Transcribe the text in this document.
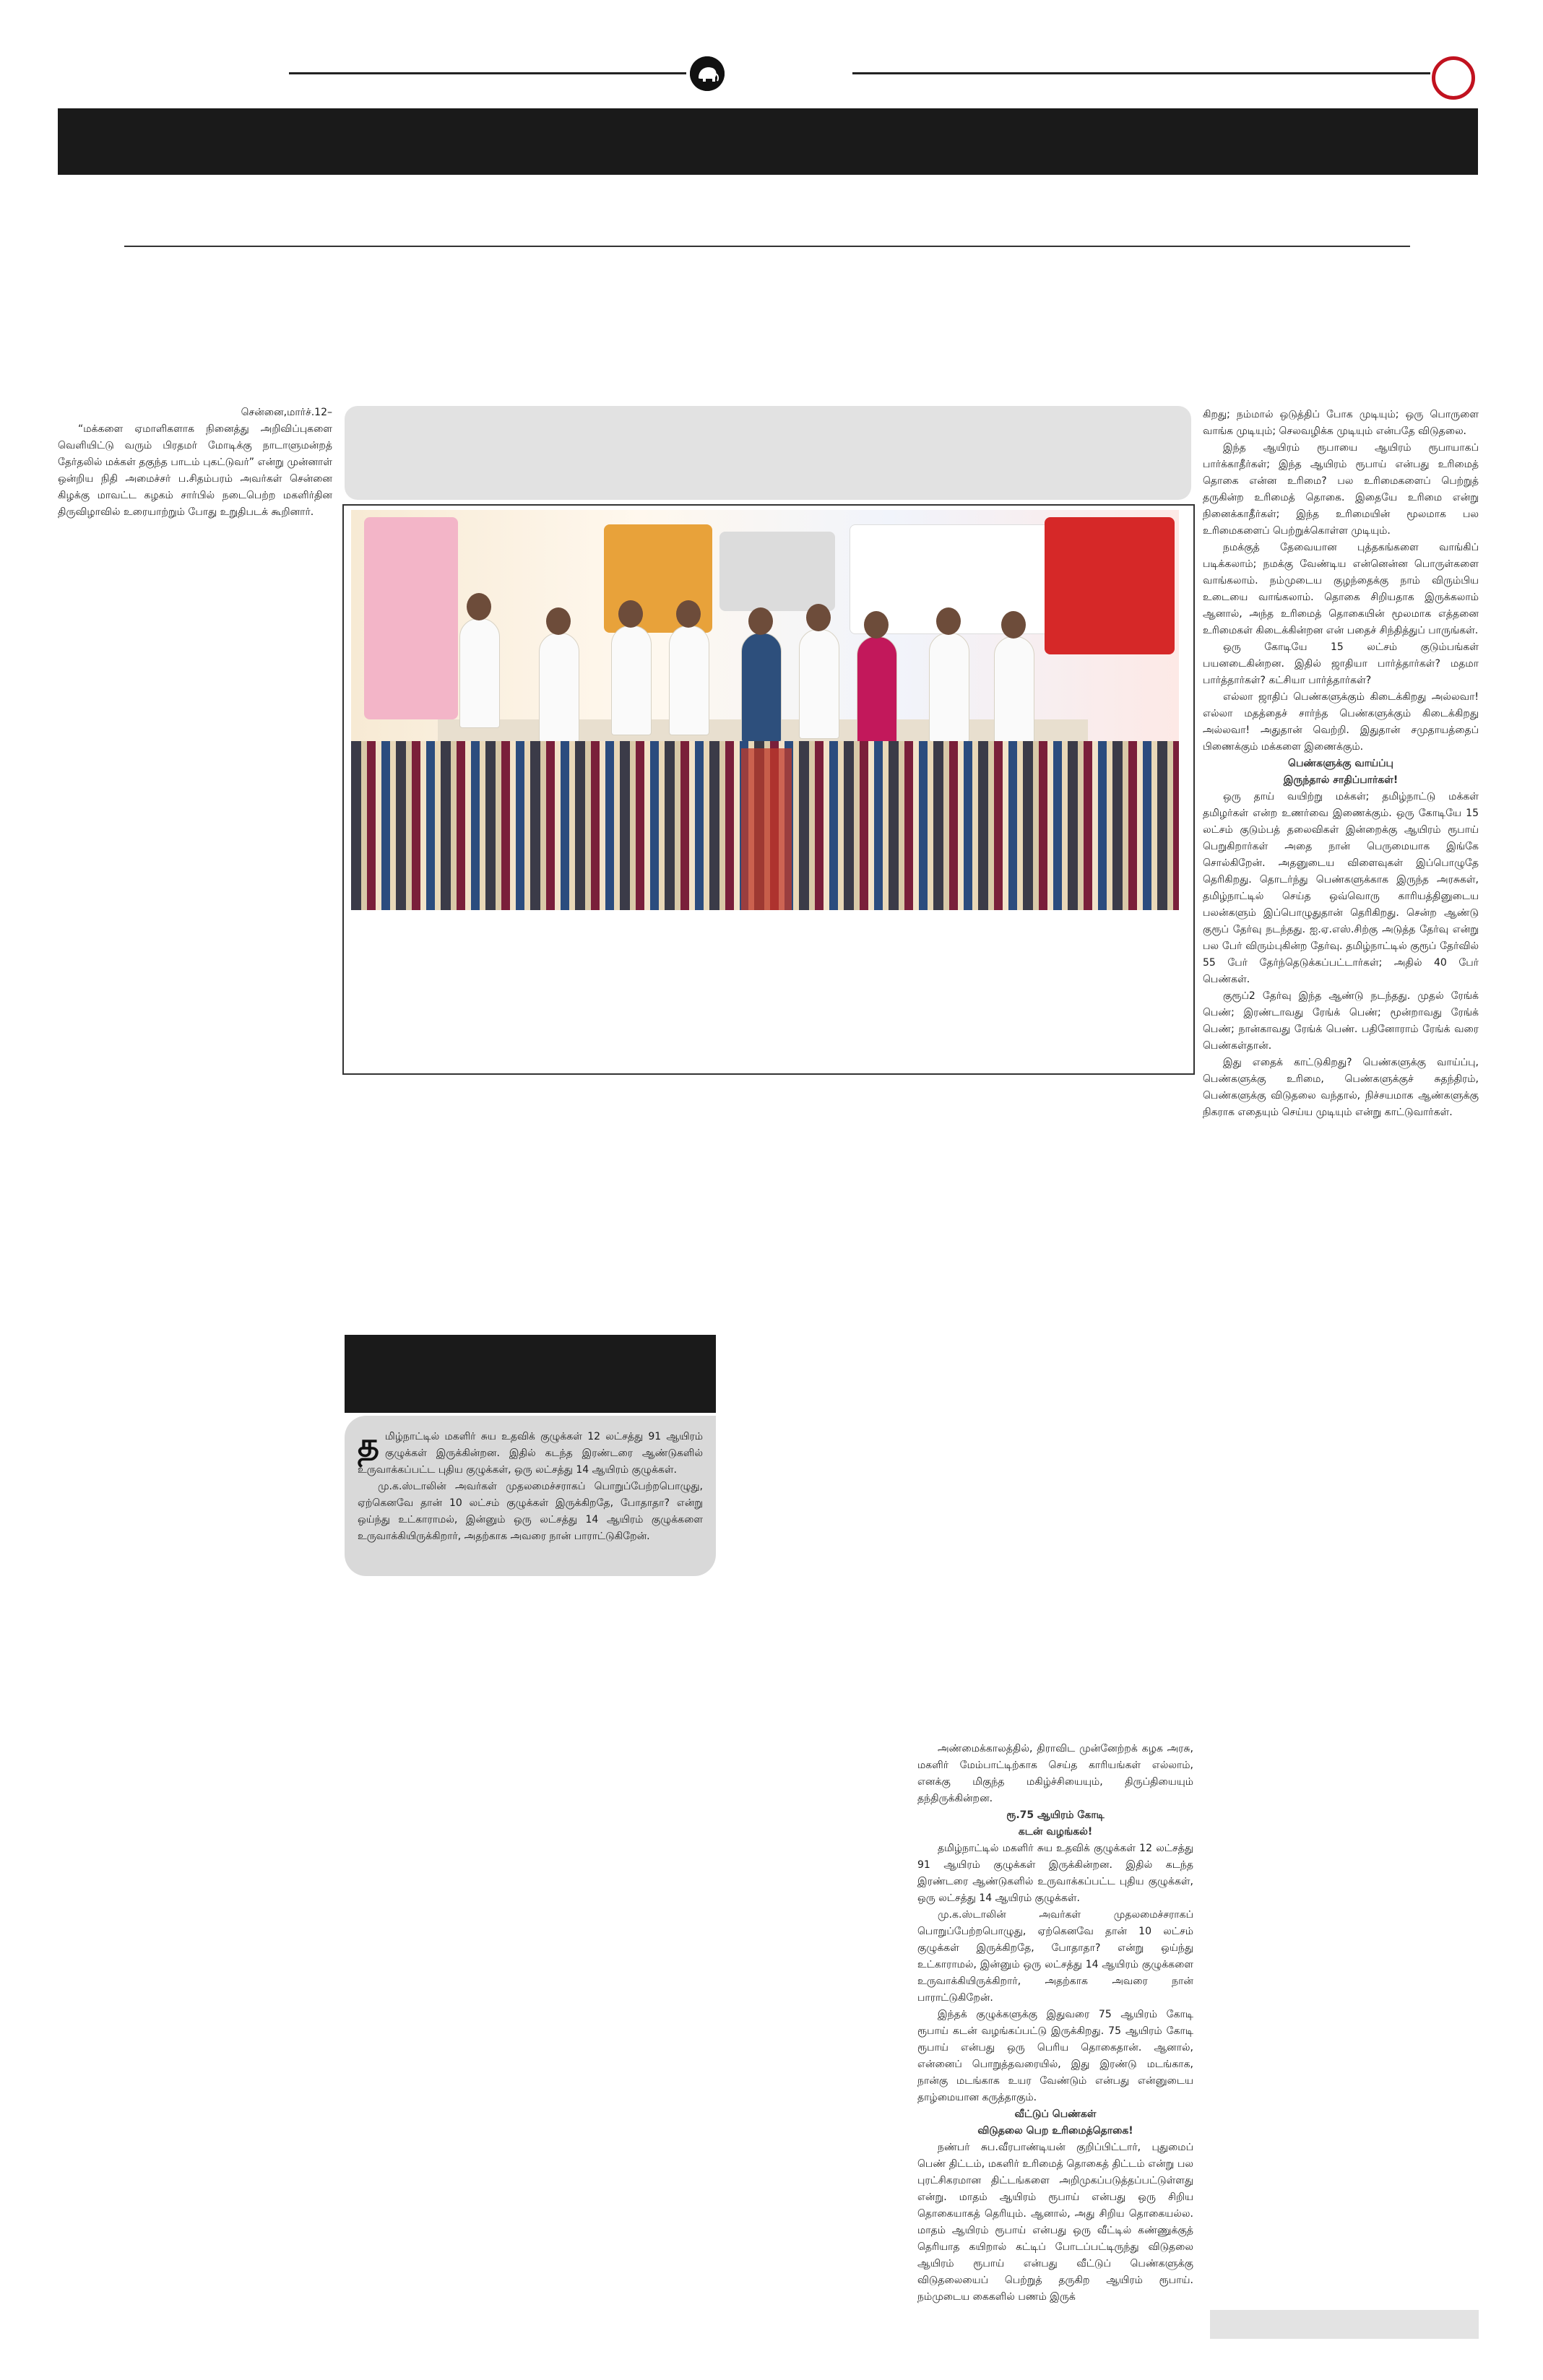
சென்னை,மார்ச்.12–

“மக்களை ஏமாளிகளாக நினைத்து அறிவிப்புகளை வெளியிட்டு வரும் பிரதமர் மோடிக்கு நாடாளுமன்றத் தேர்தலில் மக்கள் தகுந்த பாடம் புகட்டுவர்” என்று முன்னாள் ஒன்றிய நிதி அமைச்சர் ப.சிதம்பரம் அவர்கள் சென்னை கிழக்கு மாவட்ட கழகம் சார்பில் நடைபெற்ற மகளிர்தின திருவிழாவில் உரையாற்றும் போது உறுதிபடக் கூறினார்.

கிறது; நம்மால் ஒடுத்திப் போக முடியும்; ஒரு பொருளை வாங்க முடியும்; செலவழிக்க முடியும் என்பதே விடுதலை.

இந்த ஆயிரம் ரூபாயை ஆயிரம் ரூபாயாகப் பார்க்காதீர்கள்; இந்த ஆயிரம் ரூபாய் என்பது உரிமைத் தொகை என்ன உரிமை? பல உரிமைகளைப் பெற்றுத் தருகின்ற உரிமைத் தொகை. இதையே உரிமை என்று நினைக்காதீர்கள்; இந்த உரிமையின் மூலமாக பல உரிமைகளைப் பெற்றுக்கொள்ள முடியும்.

நமக்குத் தேவையான புத்தகங்களை வாங்கிப் படிக்கலாம்; நமக்கு வேண்டிய என்னென்ன பொருள்களை வாங்கலாம். நம்முடைய குழந்தைக்கு நாம் விரும்பிய உடையை வாங்கலாம். தொகை சிறியதாக இருக்கலாம் ஆனால், அந்த உரிமைத் தொகையின் மூலமாக எத்தனை உரிமைகள் கிடைக்கின்றன என் பதைச் சிந்தித்துப் பாருங்கள்.

ஒரு கோடியே 15 லட்சம் குடும்பங்கள் பயனடைகின்றன. இதில் ஜாதியா பார்த்தார்கள்? மதமா பார்த்தார்கள்? கட்சியா பார்த்தார்கள்?

எல்லா ஜாதிப் பெண்களுக்கும் கிடைக்கிறது அல்லவா! எல்லா மதத்தைச் சார்ந்த பெண்களுக்கும் கிடைக்கிறது அல்லவா! அதுதான் வெற்றி. இதுதான் சமுதாயத்தைப் பிணைக்கும் மக்களை இணைக்கும்.

பெண்களுக்கு வாய்ப்பு

இருந்தால் சாதிப்பார்கள்!

ஒரு தாய் வயிற்று மக்கள்; தமிழ்நாட்டு மக்கள் தமிழர்கள் என்ற உணர்வை இணைக்கும். ஒரு கோடியே 15 லட்சம் குடும்பத் தலைவிகள் இன்றைக்கு ஆயிரம் ரூபாய் பெறுகிறார்கள் அதை நான் பெருமையாக இங்கே சொல்கிறேன். அதனுடைய விளைவுகள் இப்பொழுதே தெரிகிறது. தொடர்ந்து பெண்களுக்காக இருந்த அரசுகள், தமிழ்நாட்டில் செய்த ஒவ்வொரு காரியத்தினுடைய பலன்களும் இப்பொழுதுதான் தெரிகிறது. சென்ற ஆண்டு குரூப் தேர்வு நடந்தது. ஐ.ஏ.எஸ்.சிற்கு அடுத்த தேர்வு என்று பல பேர் விரும்புகின்ற தேர்வு. தமிழ்நாட்டில் குரூப் தேர்வில் 55 பேர் தேர்ந்தெடுக்கப்பட்டார்கள்; அதில் 40 பேர் பெண்கள்.

குரூப்2 தேர்வு இந்த ஆண்டு நடந்தது. முதல் ரேங்க் பெண்; இரண்டாவது ரேங்க் பெண்; மூன்றாவது ரேங்க் பெண்; நான்காவது ரேங்க் பெண். பதினோராம் ரேங்க் வரை பெண்கள்தான்.

இது எதைக் காட்டுகிறது? பெண்களுக்கு வாய்ப்பு, பெண்களுக்கு உரிமை, பெண்களுக்குச் சுதந்திரம், பெண்களுக்கு விடுதலை வந்தால், நிச்சயமாக ஆண்களுக்கு நிகராக எதையும் செய்ய முடியும் என்று காட்டுவார்கள்.

த மிழ்நாட்டில் மகளிர் சுய உதவிக் குழுக்கள் 12 லட்சத்து 91 ஆயிரம் குழுக்கள் இருக்கின்றன. இதில் கடந்த இரண்டரை ஆண்டுகளில் உருவாக்கப்பட்ட புதிய குழுக்கள், ஒரு லட்சத்து 14 ஆயிரம் குழுக்கள்.

மு.க.ஸ்டாலின் அவர்கள் முதலமைச்சராகப் பொறுப்பேற்றபொழுது, ஏற்கெனவே தான் 10 லட்சம் குழுக்கள் இருக்கிறதே, போதாதா? என்று ஒய்ந்து உட்காராமல், இன்னும் ஒரு லட்சத்து 14 ஆயிரம் குழுக்களை உருவாக்கியிருக்கிறார், அதற்காக அவரை நான் பாராட்டுகிறேன்.

அண்மைக்காலத்தில், திராவிட முன்னேற்றக் கழக அரசு, மகளிர் மேம்பாட்டிற்காக செய்த காரியங்கள் எல்லாம், எனக்கு மிகுந்த மகிழ்ச்சியையும், திருப்தியையும் தந்திருக்கின்றன.

ரூ.75 ஆயிரம் கோடி

கடன் வழங்கல்!

தமிழ்நாட்டில் மகளிர் சுய உதவிக் குழுக்கள் 12 லட்சத்து 91 ஆயிரம் குழுக்கள் இருக்கின்றன. இதில் கடந்த இரண்டரை ஆண்டுகளில் உருவாக்கப்பட்ட புதிய குழுக்கள், ஒரு லட்சத்து 14 ஆயிரம் குழுக்கள்.

மு.க.ஸ்டாலின் அவர்கள் முதலமைச்சராகப் பொறுப்பேற்றபொழுது, ஏற்கெனவே தான் 10 லட்சம் குழுக்கள் இருக்கிறதே, போதாதா? என்று ஒய்ந்து உட்காராமல், இன்னும் ஒரு லட்சத்து 14 ஆயிரம் குழுக்களை உருவாக்கியிருக்கிறார், அதற்காக அவரை நான் பாராட்டுகிறேன்.

இந்தக் குழுக்களுக்கு இதுவரை 75 ஆயிரம் கோடி ரூபாய் கடன் வழங்கப்பட்டு இருக்கிறது. 75 ஆயிரம் கோடி ரூபாய் என்பது ஒரு பெரிய தொகைதான். ஆனால், என்னைப் பொறுத்தவரையில், இது இரண்டு மடங்காக, நான்கு மடங்காக உயர வேண்டும் என்பது என்னுடைய தாழ்மையான கருத்தாகும்.

வீட்டுப் பெண்கள்

விடுதலை பெற உரிமைத்தொகை!

நண்பர் சுப.வீரபாண்டியன் குறிப்பிட்டார், புதுமைப் பெண் திட்டம், மகளிர் உரிமைத் தொகைத் திட்டம் என்று பல புரட்சிகரமான திட்டங்களை அறிமுகப்படுத்தப்பட்டுள்ளது என்று. மாதம் ஆயிரம் ரூபாய் என்பது ஒரு சிறிய தொகையாகத் தெரியும். ஆனால், அது சிறிய தொகையல்ல. மாதம் ஆயிரம் ரூபாய் என்பது ஒரு வீட்டில் கண்ணுக்குத் தெரியாத கயிறால் கட்டிப் போடப்பட்டிருந்து விடுதலை ஆயிரம் ரூபாய் என்பது வீட்டுப் பெண்களுக்கு விடுதலையைப் பெற்றுத் தருகிற ஆயிரம் ரூபாய். நம்முடைய கைகளில் பணம் இருக்
